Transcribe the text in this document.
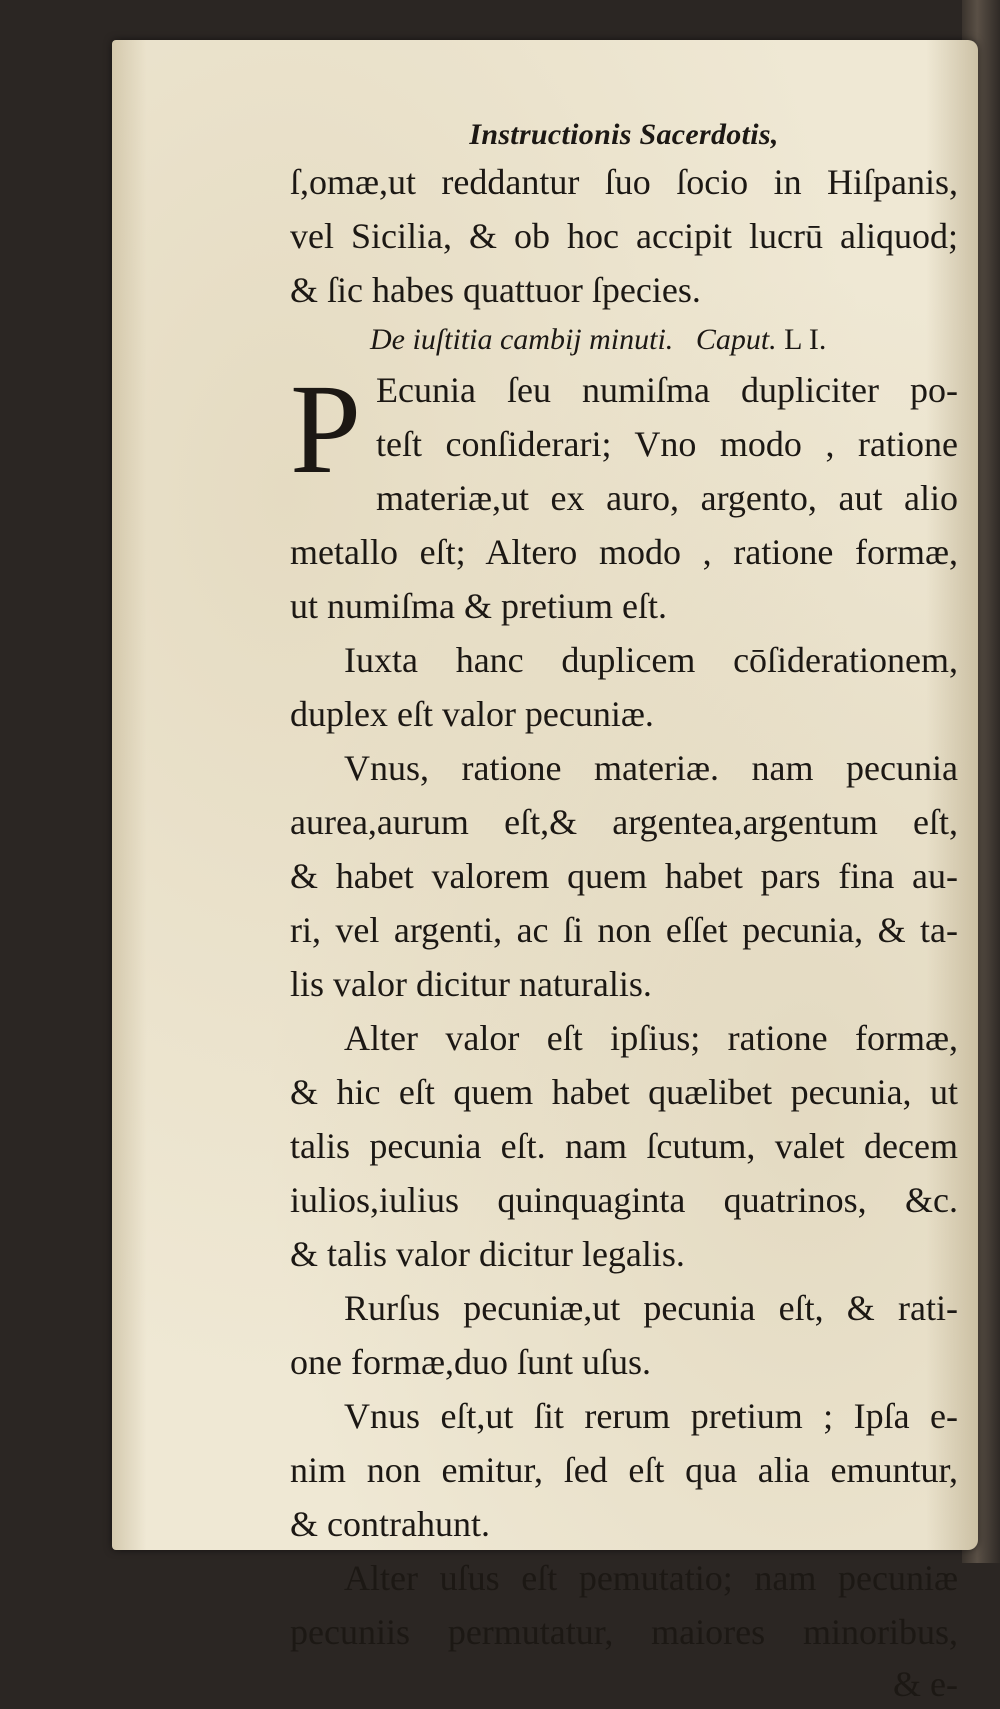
Instructionis Sacerdotis,
ſ,omæ,ut reddantur ſuo ſocio in Hiſpanis,
vel Sicilia, & ob hoc accipit lucrū aliquod;
& ſic habes quattuor ſpecies.
De iuſtitia cambij minuti. Caput. L I.
P Ecunia ſeu numiſma dupliciter po-
teſt conſiderari; Vno modo , ratione
materiæ,ut ex auro, argento, aut alio
metallo eſt; Altero modo , ratione formæ,
ut numiſma & pretium eſt.
Iuxta hanc duplicem cōſiderationem,
duplex eſt valor pecuniæ.
Vnus, ratione materiæ. nam pecunia
aurea,aurum eſt,& argentea,argentum eſt,
& habet valorem quem habet pars fina au-
ri, vel argenti, ac ſi non eſſet pecunia, & ta-
lis valor dicitur naturalis.
Alter valor eſt ipſius; ratione formæ,
& hic eſt quem habet quælibet pecunia, ut
talis pecunia eſt. nam ſcutum, valet decem
iulios,iulius quinquaginta quatrinos, &c.
& talis valor dicitur legalis.
Rurſus pecuniæ,ut pecunia eſt, & rati-
one formæ,duo ſunt uſus.
Vnus eſt,ut ſit rerum pretium ; Ipſa e-
nim non emitur, ſed eſt qua alia emuntur,
& contrahunt.
Alter uſus eſt pemutatio; nam pecuniæ
pecuniis permutatur, maiores minoribus,
& e-
